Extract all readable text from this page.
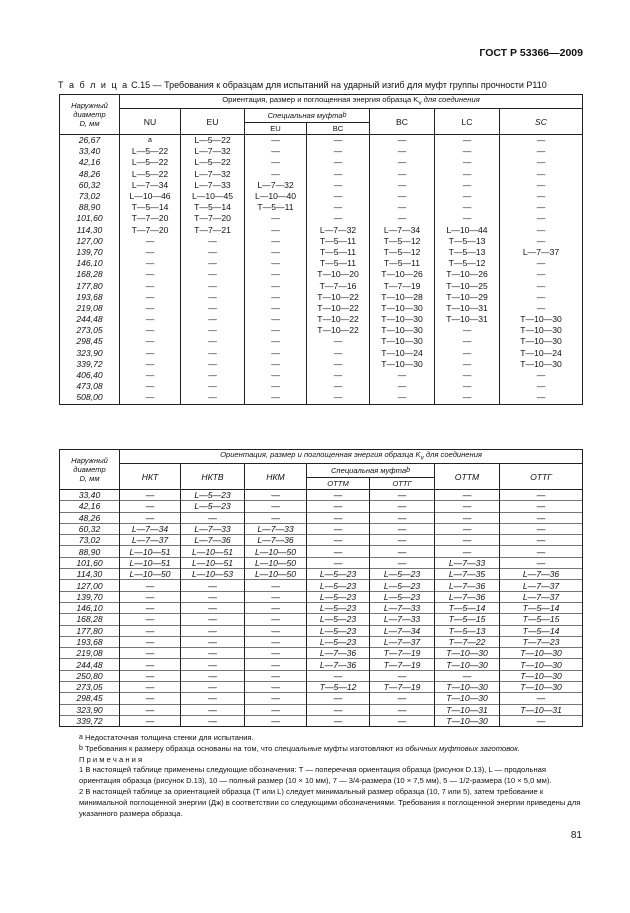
ГОСТ Р 53366—2009
Т а б л и ц а С.15 — Требования к образцам для испытаний на ударный изгиб для муфт группы прочности Р110
Наружный
диаметр
D, мм	Ориентация, размер и поглощенная энергия образца $K_v$ для соединения						
	NU	EU	Специальная муфта$^b$		BC	LC	SC
			EU	BC			
26,67	a	L—5—22	—	—	—	—	—
33,40	L—5—22	L—7—32	—	—	—	—	—
42,16	L—5—22	L—5—22	—	—	—	—	—
48,26	L—5—22	L—7—32	—	—	—	—	—
60,32	L—7—34	L—7—33	L—7—32	—	—	—	—
73,02	L—10—46	L—10—45	L—10—40	—	—	—	—
88,90	T—5—14	T—5—14	T—5—11	—	—	—	—
101,60	T—7—20	T—7—20	—	—	—	—	—
114,30	T—7—20	T—7—21	—	L—7—32	L—7—34	L—10—44	—
127,00	—	—	—	T—5—11	T—5—12	T—5—13	—
139,70	—	—	—	T—5—11	T—5—12	T—5—13	L—7—37
146,10	—	—	—	T—5—11	T—5—11	T—5—12	—
168,28	—	—	—	T—10—20	T—10—26	T—10—26	—
177,80	—	—	—	T—7—16	T—7—19	T—10—25	—
193,68	—	—	—	T—10—22	T—10—28	T—10—29	—
219,08	—	—	—	T—10—22	T—10—30	T—10—31	—
244,48	—	—	—	T—10—22	T—10—30	T—10—31	T—10—30
273,05	—	—	—	T—10—22	T—10—30	—	T—10—30
298,45	—	—	—	—	T—10—30	—	T—10—30
323,90	—	—	—	—	T—10—24	—	T—10—24
339,72	—	—	—	—	T—10—30	—	T—10—30
406,40	—	—	—	—	—	—	—
473,08	—	—	—	—	—	—	—
508,00	—	—	—	—	—	—	—
Наружный
диаметр
D, мм	Ориентация, размер и поглощенная энергия образца $K_v$ для соединения						
	НКТ	НКТВ	НКМ	Специальная муфта$^b$		ОТТМ	ОТТГ
				ОТТМ	ОТТГ		
33,40	—	L—5—23	—	—	—	—	—
42,16	—	L—5—23	—	—	—	—	—
48,26	—	—	—	—	—	—	—
60,32	L—7—34	L—7—33	L—7—33	—	—	—	—
73,02	L—7—37	L—7—36	L—7—36	—	—	—	—
88,90	L—10—51	L—10—51	L—10—50	—	—	—	—
101,60	L—10—51	L—10—51	L—10—50	—	—	L—7—33	—
114,30	L—10—50	L—10—53	L—10—50	L—5—23	L—5—23	L—7—35	L—7—36
127,00	—	—	—	L—5—23	L—5—23	L—7—36	L—7—37
139,70	—	—	—	L—5—23	L—5—23	L—7—36	L—7—37
146,10	—	—	—	L—5—23	L—7—33	T—5—14	T—5—14
168,28	—	—	—	L—5—23	L—7—33	T—5—15	T—5—15
177,80	—	—	—	L—5—23	L—7—34	T—5—13	T—5—14
193,68	—	—	—	L—5—23	L—7—37	T—7—22	T—7—23
219,08	—	—	—	L—7—36	T—7—19	T—10—30	T—10—30
244,48	—	—	—	L—7—36	T—7—19	T—10—30	T—10—30
250,80	—	—	—	—	—	—	T—10—30
273,05	—	—	—	T—5—12	T—7—19	T—10—30	T—10—30
298,45	—	—	—	—	—	T—10—30	—
323,90	—	—	—	—	—	T—10—31	T—10—31
339,72	—	—	—	—	—	T—10—30	—

$^a$ Недостаточная толщина стенки для испытания.

$^b$ Требования к размеру образца основаны на том, что специальные муфты изготовляют из обычных муфтовых заготовок.

П р и м е ч а н и я

1 В настоящей таблице применены следующие обозначения: Т — поперечная ориентация образца (рисунок D.13), L — продольная ориентация образца (рисунок D.13), 10 — полный размер (10 × 10 мм), 7 — 3/4-размера (10 × 7,5 мм), 5 — 1/2-размера (10 × 5,0 мм).

2 В настоящей таблице за ориентацией образца (Т или L) следует минимальный размер образца (10, 7 или 5), затем требование к минимальной поглощенной энергии (Дж) в соответствии со следующими обозначениями. Требования к поглощенной энергии приведены для указанного размера образца.

81
